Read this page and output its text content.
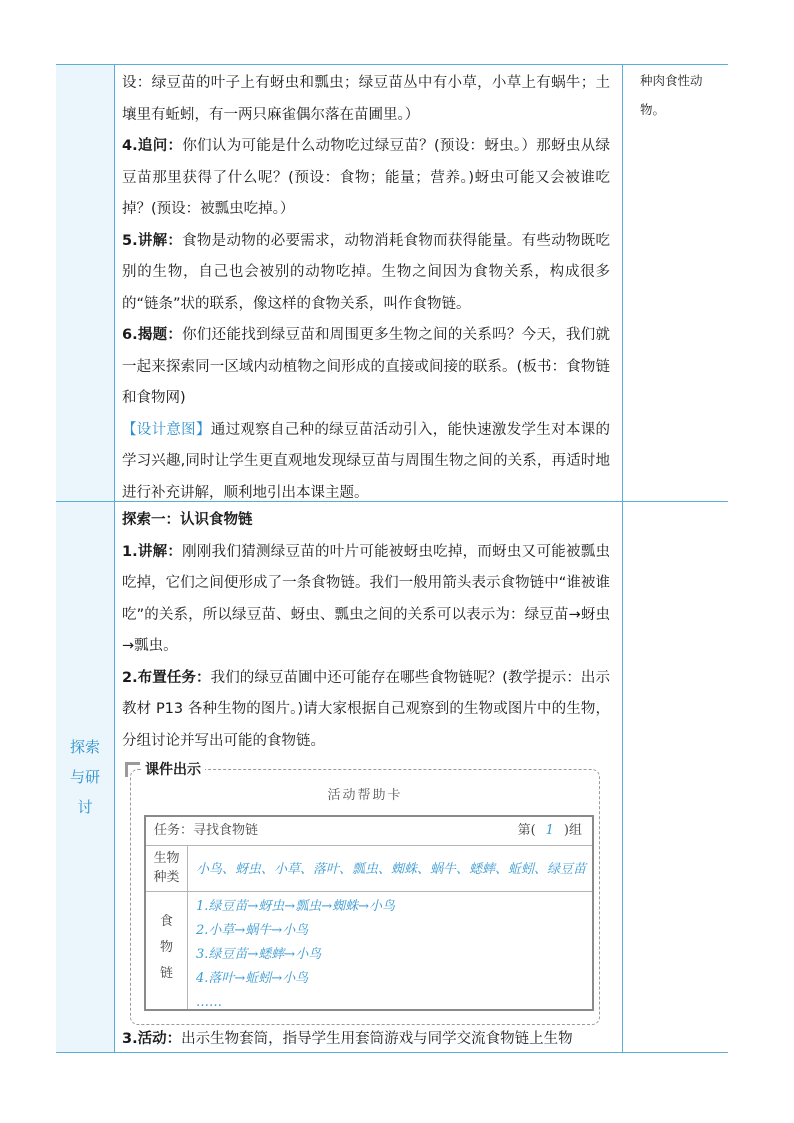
设：绿豆苗的叶子上有蚜虫和瓢虫；绿豆苗丛中有小草，小草上有蜗牛；土壤里有蚯蚓，有一两只麻雀偶尔落在苗圃里。）

4.追问：你们认为可能是什么动物吃过绿豆苗？(预设：蚜虫。）那蚜虫从绿豆苗那里获得了什么呢？(预设：食物；能量；营养。)蚜虫可能又会被谁吃掉？(预设：被瓢虫吃掉。）

5.讲解：食物是动物的必要需求，动物消耗食物而获得能量。有些动物既吃别的生物，自己也会被别的动物吃掉。生物之间因为食物关系，构成很多的“链条”状的联系，像这样的食物关系，叫作食物链。

6.揭题：你们还能找到绿豆苗和周围更多生物之间的关系吗？今天，我们就一起来探索同一区域内动植物之间形成的直接或间接的联系。(板书：食物链和食物网)

【设计意图】通过观察自己种的绿豆苗活动引入，能快速激发学生对本课的学习兴趣,同时让学生更直观地发现绿豆苗与周围生物之间的关系，再适时地进行补充讲解，顺利地引出本课主题。

种肉食性动物。
探索
与研
讨

探索一：认识食物链

1.讲解：刚刚我们猜测绿豆苗的叶片可能被蚜虫吃掉，而蚜虫又可能被瓢虫吃掉，它们之间便形成了一条食物链。我们一般用箭头表示食物链中“谁被谁吃”的关系，所以绿豆苗、蚜虫、瓢虫之间的关系可以表示为：绿豆苗→蚜虫→瓢虫。

2.布置任务：我们的绿豆苗圃中还可能存在哪些食物链呢？(教学提示：出示教材 P13 各种生物的图片。)请大家根据自己观察到的生物或图片中的生物，分组讨论并写出可能的食物链。

课件出示
活动帮助卡
任务：寻找食物链	第( 1 )组
生物
种类
小鸟、蚜虫、小草、落叶、瓢虫、蜘蛛、蜗牛、蟋蟀、蚯蚓、绿豆苗
食
物
链
1.绿豆苗→蚜虫→瓢虫→蜘蛛→小鸟
2.小草→蜗牛→小鸟
3.绿豆苗→蟋蟀→小鸟
4.落叶→蚯蚓→小鸟
……

3.活动：出示生物套筒，指导学生用套筒游戏与同学交流食物链上生物
